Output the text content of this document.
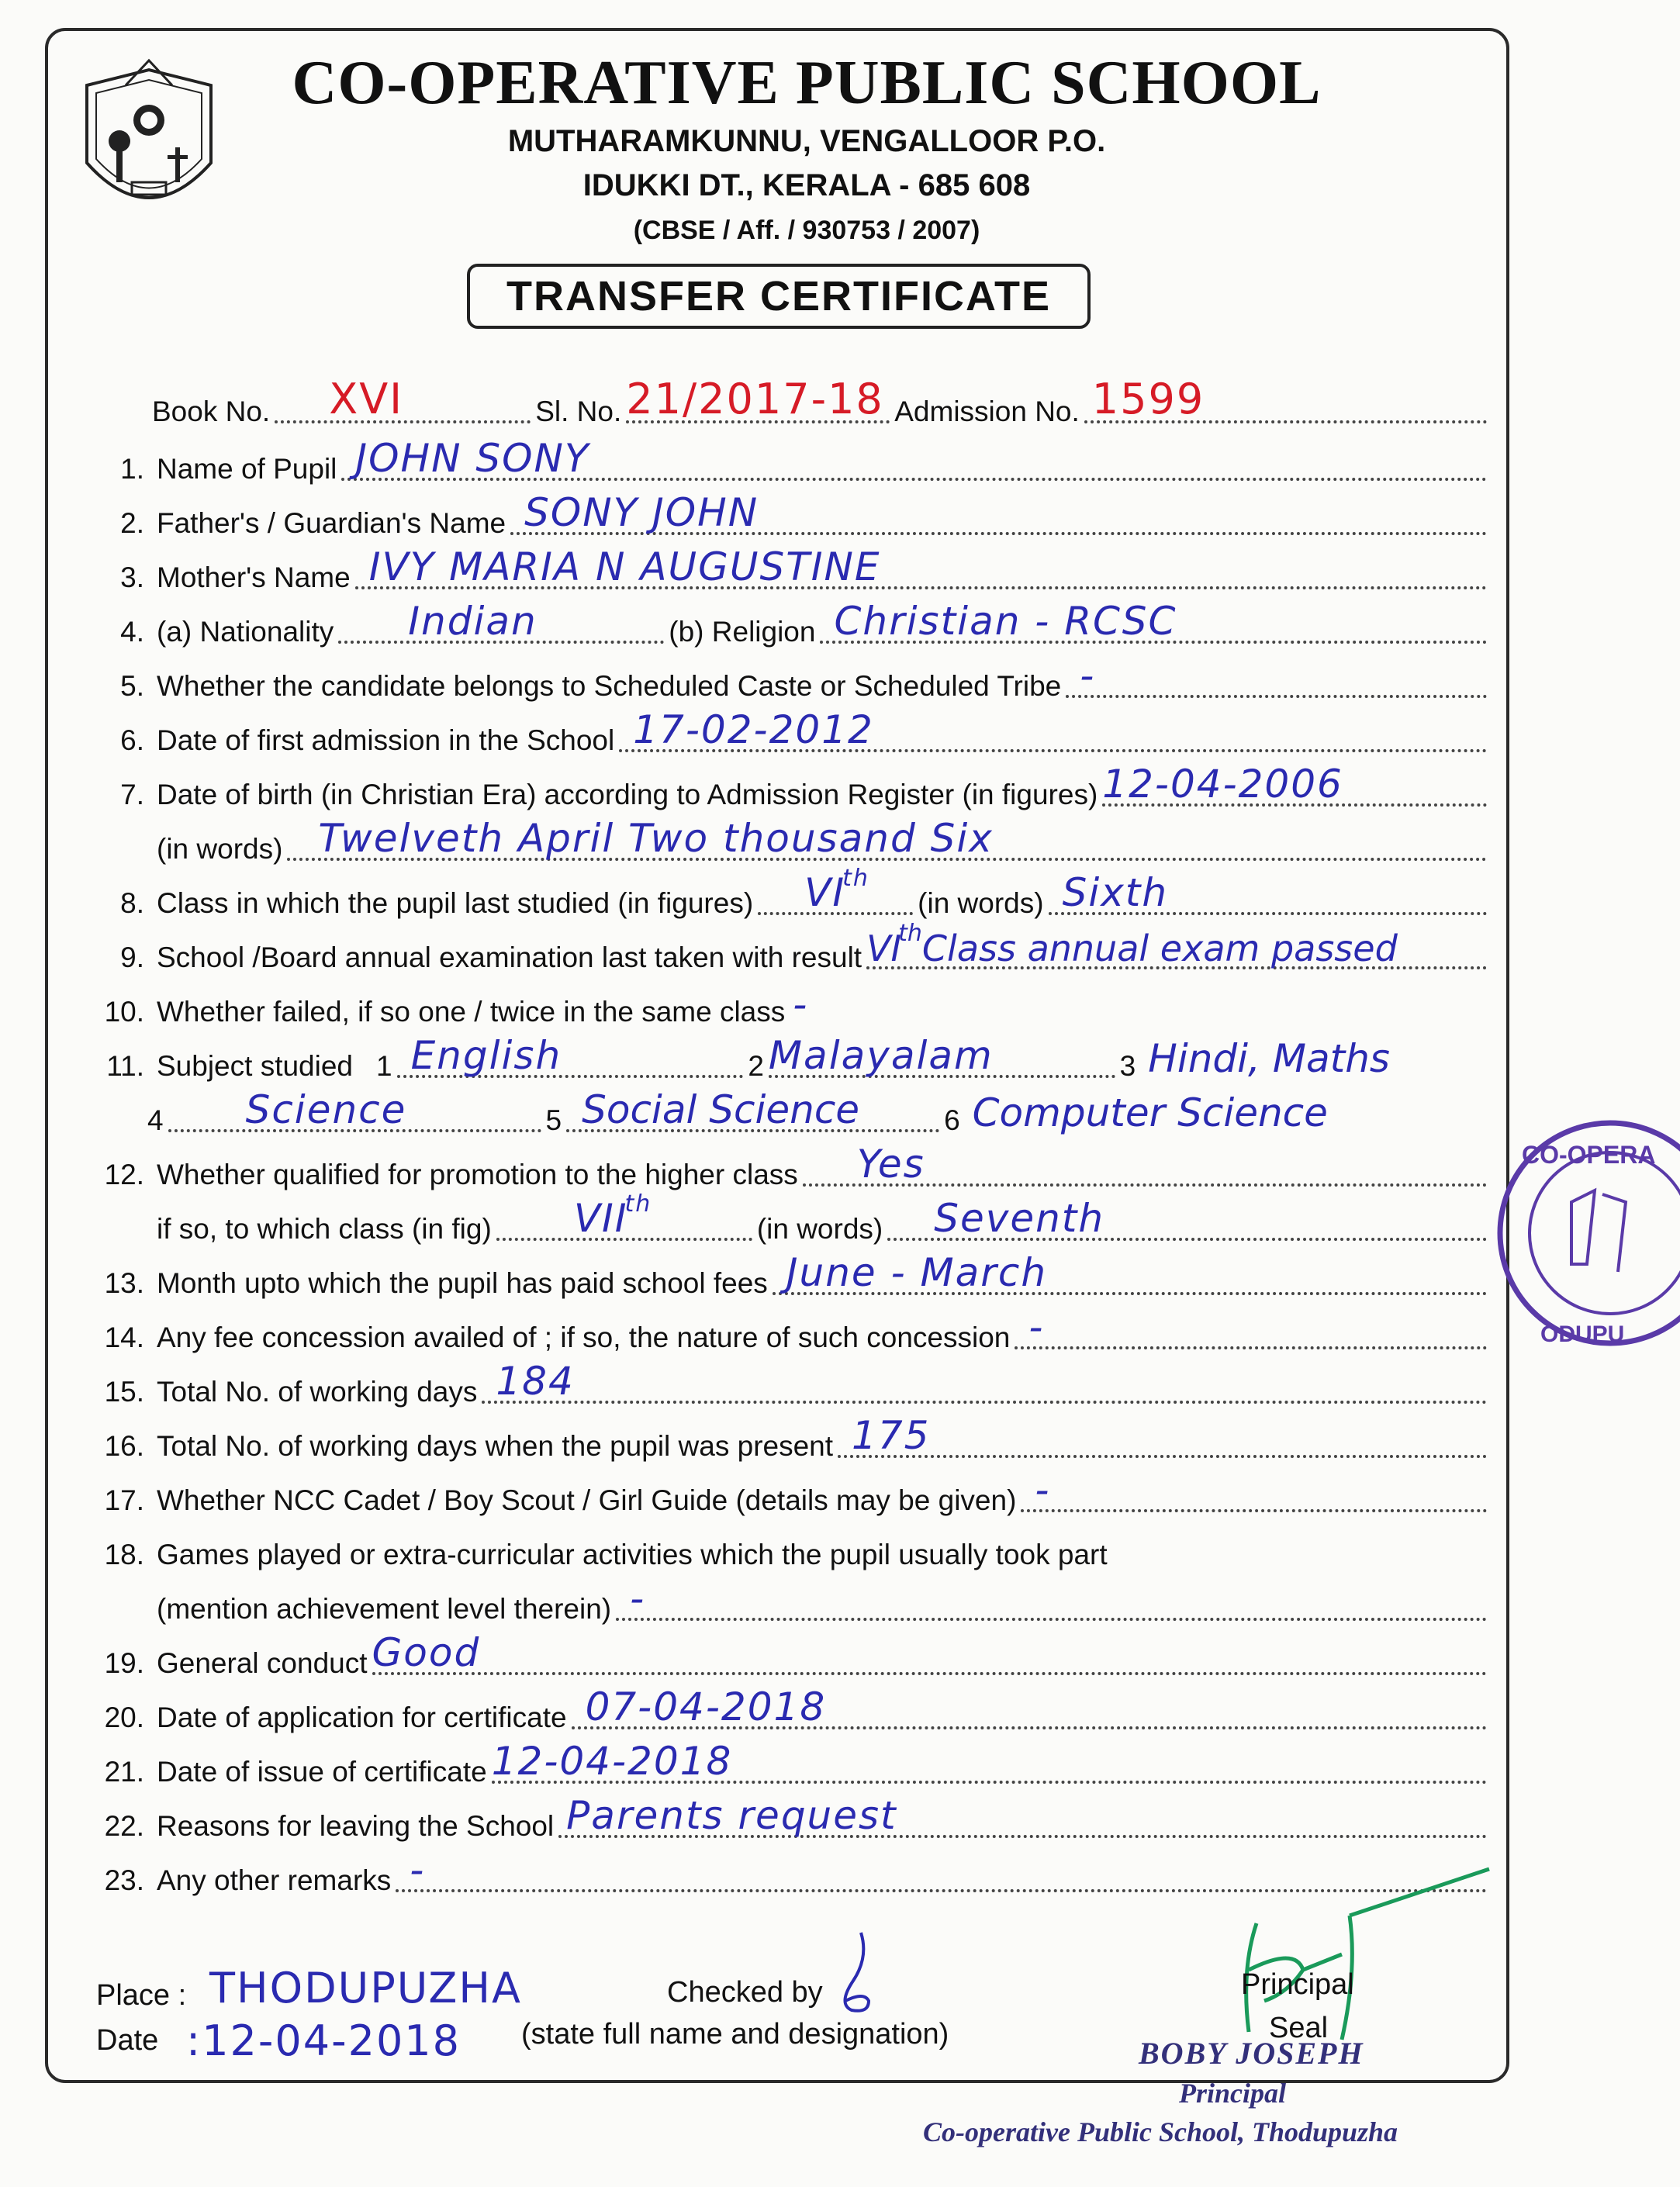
CO-OPERATIVE PUBLIC SCHOOL
MUTHARAMKUNNU, VENGALLOOR P.O.
IDUKKI DT., KERALA - 685 608
(CBSE / Aff. / 930753 / 2007)
TRANSFER CERTIFICATE
Book No. XVI	Sl. No. 21/2017-18 Admission No. 1599
1. Name of Pupil JOHN SONY
2. Father's / Guardian's Name SONY JOHN
3. Mother's Name IVY MARIA N AUGUSTINE
4. (a) Nationality Indian	(b) Religion Christian - RCSC
5. Whether the candidate belongs to Scheduled Caste or Scheduled Tribe -
6. Date of first admission in the School 17-02-2012
7. Date of birth (in Christian Era) according to Admission Register (in figures) 12-04-2006
(in words) Twelveth April Two thousand Six
8. Class in which the pupil last studied (in figures) VIth
(in words) Sixth
9. School /Board annual examination last taken with result VIthClass annual exam passed
10. Whether failed, if so one / twice in the same class -
11. Subject studied 1 English	2 Malayalam	3 Hindi, Maths
4 Science	5 Social Science	6 Computer Science
12. Whether qualified for promotion to the higher class Yes
if so, to which class (in fig) VIIth
(in words) Seventh
13. Month upto which the pupil has paid school fees June - March
14. Any fee concession availed of ; if so, the nature of such concession -
15. Total No. of working days 184
16. Total No. of working days when the pupil was present 175
17. Whether NCC Cadet / Boy Scout / Girl Guide (details may be given) -
18. Games played or extra-curricular activities which the pupil usually took part
(mention achievement level therein) -
19. General conduct Good
20. Date of application for certificate 07-04-2018
21. Date of issue of certificate 12-04-2018
22. Reasons for leaving the School Parents request
23. Any other remarks -
Place : THODUPUZHA
Date :12-04-2018
Checked by
(state full name and designation)
Principal
Seal
BOBY JOSEPH
Principal
Co-operative Public School, Thodupuzha
CO-OPERA
ODUPU
